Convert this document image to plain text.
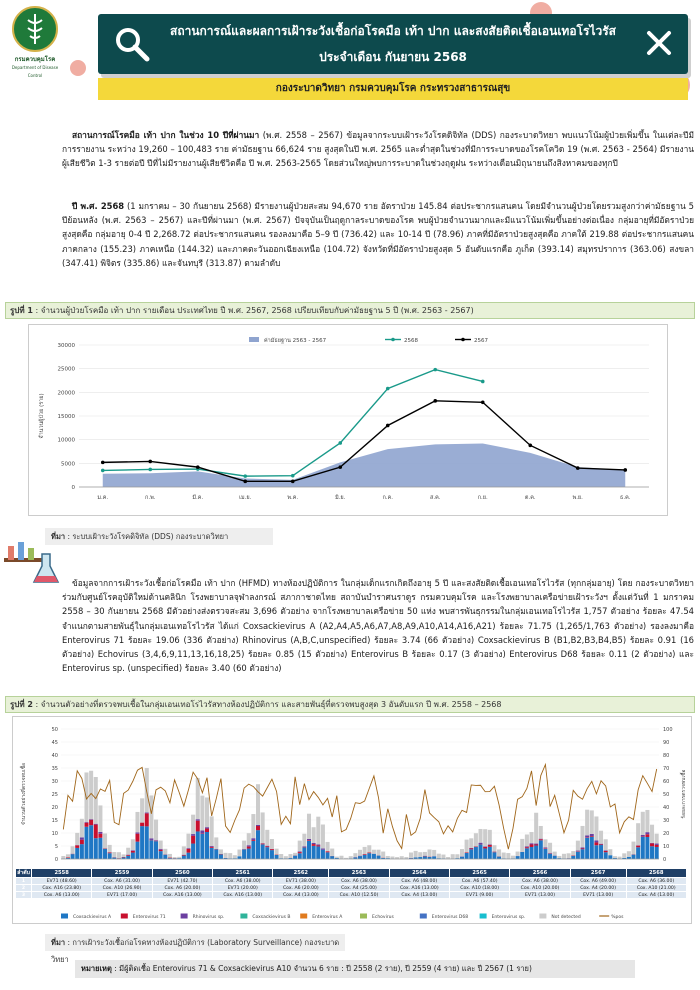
กรมควบคุมโรค
Department of Disease Control
สถานการณ์และผลการเฝ้าระวังเชื้อก่อโรคมือ เท้า ปาก และสงสัยติดเชื้อเอนเทอโรไวรัส
ประจำเดือน กันยายน 2568
กองระบาดวิทยา กรมควบคุมโรค กระทรวงสาธารณสุข
สถานการณ์โรคมือ เท้า ปาก ในช่วง 10 ปีที่ผ่านมา (พ.ศ. 2558 – 2567) ข้อมูลจากระบบเฝ้าระวังโรคดิจิทัล (DDS) กองระบาดวิทยา พบแนวโน้มผู้ป่วยเพิ่มขึ้น ในแต่ละปีมีการรายงาน ระหว่าง 19,260 – 100,483 ราย ค่ามัธยฐาน 66,624 ราย สูงสุดในปี พ.ศ. 2565 และต่ำสุดในช่วงที่มีการระบาดของโรคโควิด 19 (พ.ศ. 2563 - 2564) มีรายงานผู้เสียชีวิต 1-3 รายต่อปี ปีที่ไม่มีรายงานผู้เสียชีวิตคือ ปี พ.ศ. 2563-2565 โดยส่วนใหญ่พบการระบาดในช่วงฤดูฝน ระหว่างเดือนมิถุนายนถึงสิงหาคมของทุกปี
ปี พ.ศ. 2568 (1 มกราคม – 30 กันยายน 2568) มีรายงานผู้ป่วยสะสม 94,670 ราย อัตราป่วย 145.84 ต่อประชากรแสนคน โดยมีจำนวนผู้ป่วยโดยรวมสูงกว่าค่ามัธยฐาน 5 ปีย้อนหลัง (พ.ศ. 2563 – 2567) และปีที่ผ่านมา (พ.ศ. 2567) ปัจจุบันเป็นฤดูกาลระบาดของโรค พบผู้ป่วยจำนวนมากและมีแนวโน้มเพิ่มขึ้นอย่างต่อเนื่อง กลุ่มอายุที่มีอัตราป่วยสูงสุดคือ กลุ่มอายุ 0-4 ปี 2,268.72 ต่อประชากรแสนคน รองลงมาคือ 5–9 ปี (736.42) และ 10-14 ปี (78.96) ภาคที่มีอัตราป่วยสูงสุดคือ ภาคใต้ 219.88 ต่อประชากรแสนคน ภาคกลาง (155.23) ภาคเหนือ (144.32) และภาคตะวันออกเฉียงเหนือ (104.72) จังหวัดที่มีอัตราป่วยสูงสุด 5 อันดับแรกคือ ภูเก็ต (393.14) สมุทรปราการ (363.06) สงขลา (347.41) พิจิตร (335.86) และจันทบุรี (313.87) ตามลำดับ
รูปที่ 1 : จำนวนผู้ป่วยโรคมือ เท้า ปาก รายเดือน ประเทศไทย ปี พ.ศ. 2567, 2568 เปรียบเทียบกับค่ามัธยฐาน 5 ปี (พ.ศ. 2563 - 2567)
0
5000
10000
15000
20000
25000
30000
จำนวนผู้ป่วย (ราย)
ม.ค.	ก.พ.	มี.ค.	เม.ย.	พ.ค.	มิ.ย.	ก.ค.	ส.ค.	ก.ย.	ต.ค.	พ.ย.	ธ.ค.
ค่ามัธยฐาน 2563 - 2567	2568	2567
ที่มา : ระบบเฝ้าระวังโรคดิจิทัล (DDS) กองระบาดวิทยา
ข้อมูลจากการเฝ้าระวังเชื้อก่อโรคมือ เท้า ปาก (HFMD) ทางห้องปฏิบัติการ ในกลุ่มเด็กแรกเกิดถึงอายุ 5 ปี และสงสัยติดเชื้อเอนเทอโรไวรัส (ทุกกลุ่มอายุ) โดย กองระบาดวิทยาร่วมกับศูนย์โรคอุบัติใหม่ด้านคลินิก โรงพยาบาลจุฬาลงกรณ์ สภากาชาดไทย สถาบันบำราศนราดูร กรมควบคุมโรค และโรงพยาบาลเครือข่ายเฝ้าระวังฯ ตั้งแต่วันที่ 1 มกราคม 2558 – 30 กันยายน 2568 มีตัวอย่างส่งตรวจสะสม 3,696 ตัวอย่าง จากโรงพยาบาลเครือข่าย 50 แห่ง พบสารพันธุกรรมในกลุ่มเอนเทอโรไวรัส 1,757 ตัวอย่าง ร้อยละ 47.54 จำแนกตามสายพันธุ์ในกลุ่มเอนเทอโรไวรัส ได้แก่ Coxsackievirus A (A2,A4,A5,A6,A7,A8,A9,A10,A14,A16,A21) ร้อยละ 71.75 (1,265/1,763 ตัวอย่าง) รองลงมาคือ Enterovirus 71 ร้อยละ 19.06 (336 ตัวอย่าง) Rhinovirus (A,B,C,unspecified) ร้อยละ 3.74 (66 ตัวอย่าง) Coxsackievirus B (B1,B2,B3,B4,B5) ร้อยละ 0.91 (16 ตัวอย่าง) Echovirus (3,4,6,9,11,13,16,18,25) ร้อยละ 0.85 (15 ตัวอย่าง) Enterovirus B ร้อยละ 0.17 (3 ตัวอย่าง) Enterovirus D68 ร้อยละ 0.11 (2 ตัวอย่าง) และ Enterovirus sp. (unspecified) ร้อยละ 3.40 (60 ตัวอย่าง)
รูปที่ 2 : จำนวนตัวอย่างที่ตรวจพบเชื้อในกลุ่มเอนเทอโรไวรัสทางห้องปฏิบัติการ และสายพันธุ์ที่ตรวจพบสูงสุด 3 อันดับแรก ปี พ.ศ. 2558 – 2568
0
5
10
15
20
25
30
35
40
45
50
0
10
20
30
40
50
60
70
80
90
100
จำนวนตัวอย่างที่ตรวจพบเชื้อ	ร้อยละการตรวจพบเชื้อ
Coxsackievirus A	Enterovirus 71	Rhinovirus sp.	Coxsackievirus B	Enterovirus A	Echovirus	Enterovirus D68	Enterovirus sp.	Not detected	%pos
ที่มา : การเฝ้าระวังเชื้อก่อโรคทางห้องปฏิบัติการ (Laboratory Surveillance) กองระบาดวิทยา
หมายเหตุ : มีผู้ติดเชื้อ Enterovirus 71 & Coxsackievirus A10 จำนวน 6 ราย : ปี 2558 (2 ราย), ปี 2559 (4 ราย) และ ปี 2567 (1 ราย)
ลำดับ	2558	2559	2560	2561	2562	2563	2564	2565	2566	2567	2568
1	EV71 (48.60)	Cox. A6 (31.00)	EV71 (42.70)	Cox. A6 (38.00)	EV71 (38.00)	Cox. A6 (38.00)	Cox. A6 (48.00)	Cox. A6 (57.40)	Cox. A6 (38.00)	Cox. A6 (49.00)	Cox. A6 (36.00)
2	Cox. A16 (23.80)	Cox. A10 (26.90)	Cox. A6 (20.00)	EV71 (20.00)	Cox. A6 (20.00)	Cox. A4 (25.00)	Cox. A16 (13.00)	Cox. A10 (18.00)	Cox. A10 (20.00)	Cox. A4 (20.00)	Cox. A10 (21.00)
3	Cox. A6 (13.00)	EV71 (17.00)	Cox. A16 (13.00)	Cox. A16 (13.00)	Cox. A4 (13.00)	Cox. A10 (12.50)	Cox. A4 (13.00)	EV71 (9.00)	EV71 (13.00)	EV71 (13.00)	Cox. A4 (13.00)
